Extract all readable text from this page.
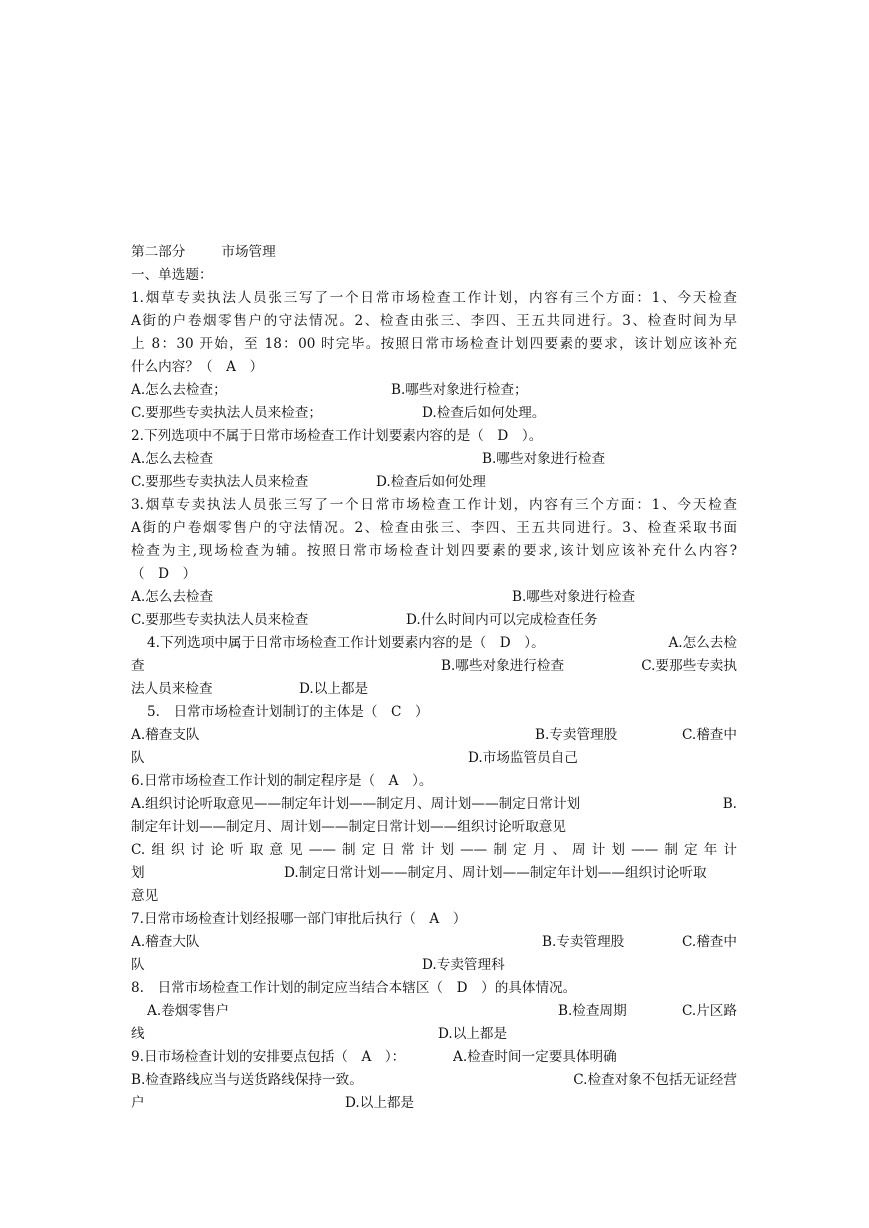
第二部分	市场管理
一、单选题：
1.烟草专卖执法人员张三写了一个日常市场检查工作计划，内容有三个方面：1、今天检查
A街的户卷烟零售户的守法情况。2、检查由张三、李四、王五共同进行。3、检查时间为早
上 8：30 开始，至 18：00 时完毕。按照日常市场检查计划四要素的要求，该计划应该补充
什么内容？（　A　）
A.怎么去检查；	B.哪些对象进行检查；
C.要那些专卖执法人员来检查；	D.检查后如何处理。
2.下列选项中不属于日常市场检查工作计划要素内容的是（　D　）。
A.怎么去检查	B.哪些对象进行检查
C.要那些专卖执法人员来检查	D.检查后如何处理
3.烟草专卖执法人员张三写了一个日常市场检查工作计划，内容有三个方面：1、今天检查
A街的户卷烟零售户的守法情况。2、检查由张三、李四、王五共同进行。3、检查采取书面
检查为主,现场检查为辅。按照日常市场检查计划四要素的要求,该计划应该补充什么内容?
（　D　）
A.怎么去检查	B.哪些对象进行检查
C.要那些专卖执法人员来检查	D.什么时间内可以完成检查任务
4.下列选项中属于日常市场检查工作计划要素内容的是（　D　）。	A.怎么去检
查	B.哪些对象进行检查	C.要那些专卖执
法人员来检查	D.以上都是
5.　日常市场检查计划制订的主体是（　C　）
A.稽查支队	B.专卖管理股	C.稽查中
队	D.市场监管员自己
6.日常市场检查工作计划的制定程序是（　A　）。
A.组织讨论听取意见——制定年计划——制定月、周计划——制定日常计划	B.
制定年计划——制定月、周计划——制定日常计划——组织讨论听取意见
C.组织讨论听取意见——制定日常计划——制定月、周计划——制定年计
划	D.制定日常计划——制定月、周计划——制定年计划——组织讨论听取
意见
7.日常市场检查计划经报哪一部门审批后执行（　A　）
A.稽查大队	B.专卖管理股	C.稽查中
队	D.专卖管理科
8.　日常市场检查工作计划的制定应当结合本辖区（　D　）的具体情况。
A.卷烟零售户	B.检查周期	C.片区路
线	D.以上都是
9.日市场检查计划的安排要点包括（　A　）：	A.检查时间一定要具体明确
B.检查路线应当与送货路线保持一致。	C.检查对象不包括无证经营
户	D.以上都是
